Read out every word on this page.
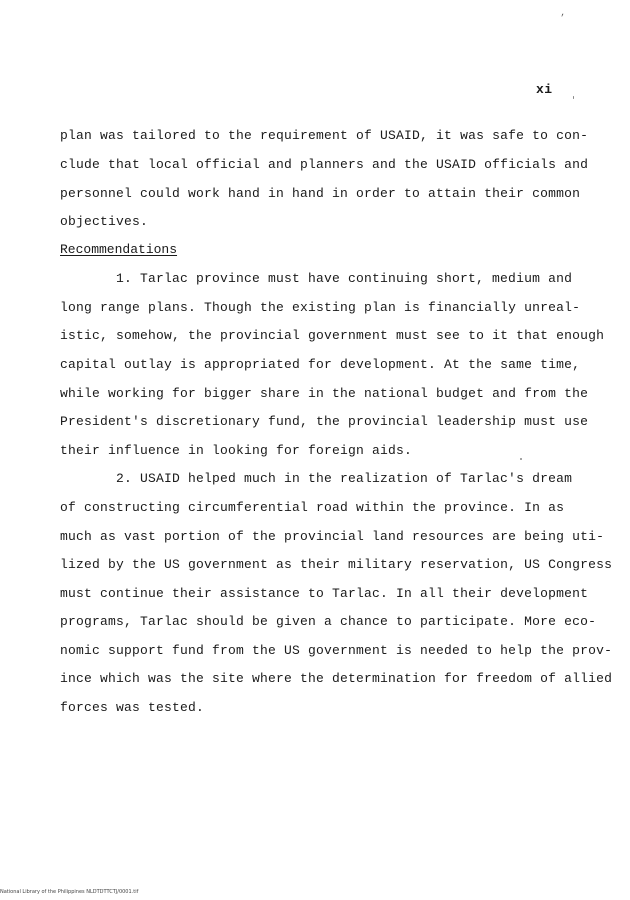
‚
xi
plan was tailored to the requirement of USAID, it was safe to con-
clude that local official and planners and the USAID officials and
personnel could work hand in hand in order to attain their common
objectives.
Recommendations
1. Tarlac province must have continuing short, medium and
long range plans. Though the existing plan is financially unreal-
istic, somehow, the provincial government must see to it that enough
capital outlay is appropriated for development. At the same time,
while working for bigger share in the national budget and from the
President's discretionary fund, the provincial leadership must use
their influence in looking for foreign aids.
2. USAID helped much in the realization of Tarlac's dream
of constructing circumferential road within the province. In as
much as vast portion of the provincial land resources are being uti-
lized by the US government as their military reservation, US Congress
must continue their assistance to Tarlac. In all their development
programs, Tarlac should be given a chance to participate. More eco-
nomic support fund from the US government is needed to help the prov-
ince which was the site where the determination for freedom of allied
forces was tested.
National Library of the Philippines NLDTDTTCTJ/0001.tif
